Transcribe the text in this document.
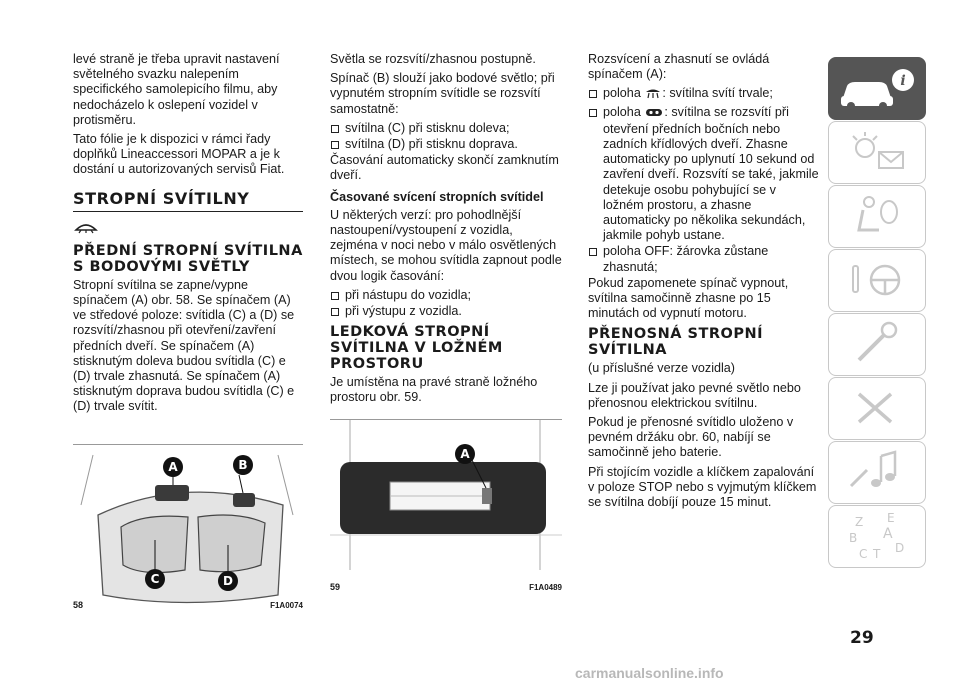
levé straně je třeba upravit nastavení světelného svazku nalepením specifického samolepicího filmu, aby nedocházelo k oslepení vozidel v protisměru.

Tato fólie je k dispozici v rámci řady doplňků Lineaccessori MOPAR a je k dostání u autorizovaných servisů Fiat.

STROPNÍ SVÍTILNY
PŘEDNÍ STROPNÍ SVÍTILNA S BODOVÝMI SVĚTLY

Stropní svítilna se zapne/vypne spínačem (A) obr. 58. Se spínačem (A) ve středové poloze: svítidla (C) a (D) se rozsvítí/zhasnou při otevření/zavření předních dveří. Se spínačem (A) stisknutým doleva budou svítidla (C) e (D) trvale zhasnutá. Se spínačem (A) stisknutým doprava budou svítidla (C) e (D) trvale svítit.

A	B
C	D
58	F1A0074

Světla se rozsvítí/zhasnou postupně.

Spínač (B) slouží jako bodové světlo; při vypnutém stropním svítidle se rozsvítí samostatně:

svítilna (C) při stisknu doleva;
svítilna (D) při stisknu doprava.

Časování automaticky skončí zamknutím dveří.

Časované svícení stropních svítidel

U některých verzí: pro pohodlnější nastoupení/vystoupení z vozidla, zejména v noci nebo v málo osvětlených místech, se mohou svítidla zapnout podle dvou logik časování:

při nástupu do vozidla;
při výstupu z vozidla.
LEDKOVÁ STROPNÍ SVÍTILNA V LOŽNÉM PROSTORU

Je umístěna na pravé straně ložného prostoru obr. 59.

A
59	F1A0489

Rozsvícení a zhasnutí se ovládá spínačem (A):

poloha : svítilna svítí trvale;
poloha : svítilna se rozsvítí při otevření předních bočních nebo zadních křídlových dveří. Zhasne automaticky po uplynutí 10 sekund od zavření dveří. Rozsvítí se také, jakmile detekuje osobu pohybující se v ložném prostoru, a zhasne automaticky po několika sekundách, jakmile pohyb ustane.
poloha OFF: žárovka zůstane zhasnutá;

Pokud zapomenete spínač vypnout, svítilna samočinně zhasne po 15 minutách od vypnutí motoru.

PŘENOSNÁ STROPNÍ SVÍTILNA

(u příslušné verze vozidla)

Lze ji používat jako pevné světlo nebo přenosnou elektrickou svítilnu.

Pokud je přenosné svítidlo uloženo v pevném držáku obr. 60, nabíjí se samočinně jeho baterie.

Při stojícím vozidle a klíčkem zapalování v poloze STOP nebo s vyjmutým klíčkem se svítilna dobíjí pouze 15 minut.

i
Z E
B A
C T D
29
carmanualsonline.info
